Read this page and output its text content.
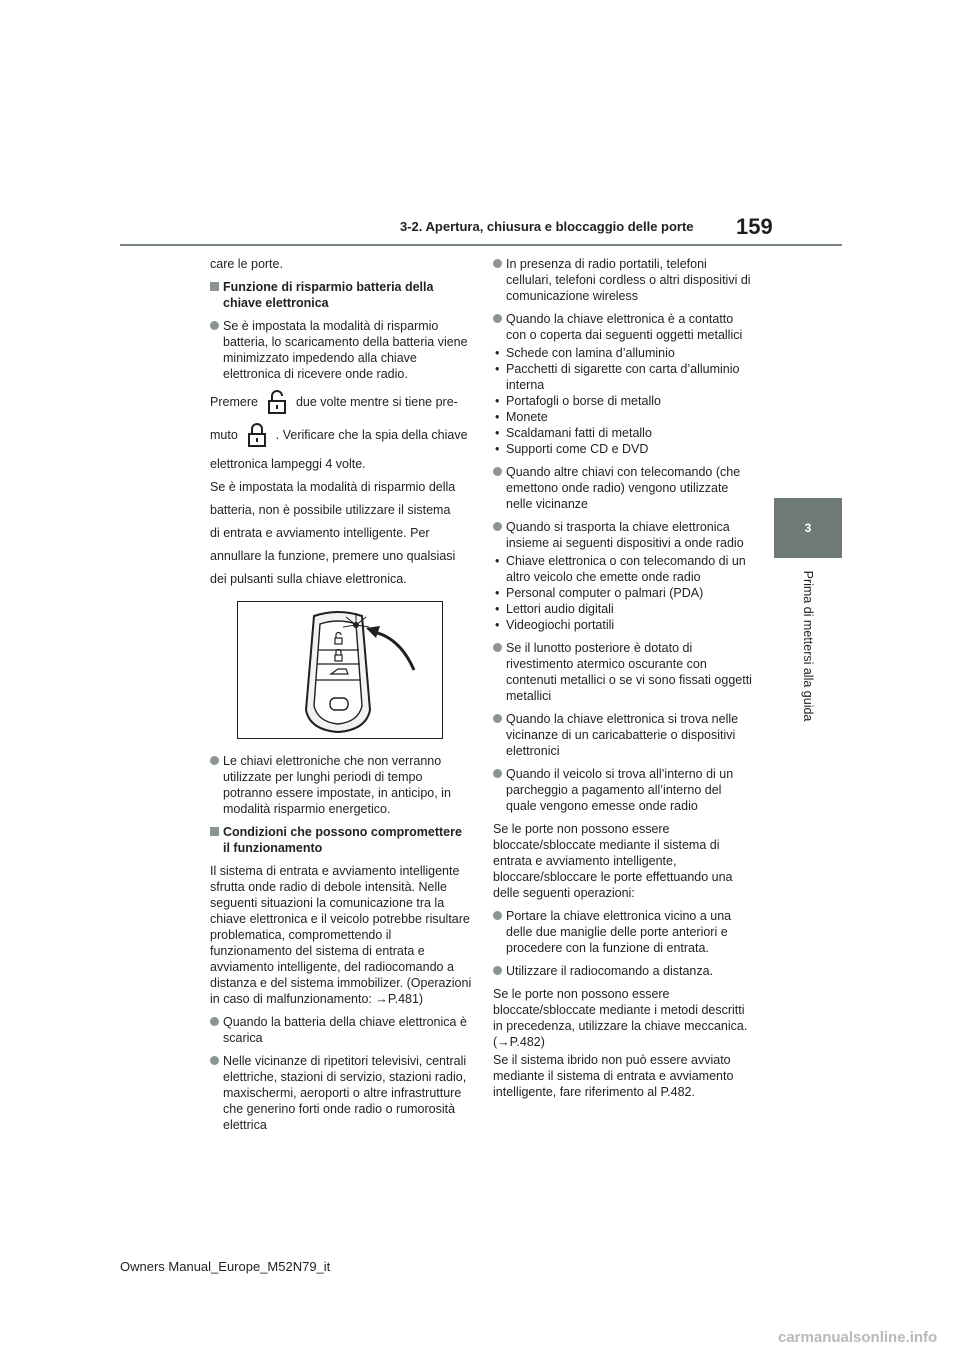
3-2. Apertura, chiusura e bloccaggio delle porte 159
3
Prima di mettersi alla guida

care le porte.

Funzione di risparmio batteria della chiave elettronica
Se è impostata la modalità di risparmio batteria, lo scaricamento della batteria viene minimizzato impedendo alla chiave elettronica di ricevere onde radio.
Premere	due volte mentre si tiene pre-
muto	. Verificare che la spia della chiave

elettronica lampeggi 4 volte.

Se è impostata la modalità di risparmio della

batteria, non è possibile utilizzare il sistema

di entrata e avviamento intelligente. Per

annullare la funzione, premere uno qualsiasi

dei pulsanti sulla chiave elettronica.

Le chiavi elettroniche che non verranno utilizzate per lunghi periodi di tempo potranno essere impostate, in anticipo, in modalità risparmio energetico.
Condizioni che possono compromettere il funzionamento

Il sistema di entrata e avviamento intelligente sfrutta onde radio di debole intensità. Nelle seguenti situazioni la comunicazione tra la chiave elettronica e il veicolo potrebbe risultare problematica, compromettendo il funzionamento del sistema di entrata e avviamento intelligente, del radiocomando a distanza e del sistema immobilizer. (Operazioni in caso di malfunzionamento: →P.481)

Quando la batteria della chiave elettronica è scarica
Nelle vicinanze di ripetitori televisivi, centrali elettriche, stazioni di servizio, stazioni radio, maxischermi, aeroporti o altre infrastrutture che generino forti onde radio o rumorosità elettrica
In presenza di radio portatili, telefoni cellulari, telefoni cordless o altri dispositivi di comunicazione wireless
Quando la chiave elettronica è a contatto con o coperta dai seguenti oggetti metallici
• Schede con lamina d’alluminio
• Pacchetti di sigarette con carta d’alluminio interna
• Portafogli o borse di metallo
• Monete
• Scaldamani fatti di metallo
• Supporti come CD e DVD
Quando altre chiavi con telecomando (che emettono onde radio) vengono utilizzate nelle vicinanze
Quando si trasporta la chiave elettronica insieme ai seguenti dispositivi a onde radio
• Chiave elettronica o con telecomando di un altro veicolo che emette onde radio
• Personal computer o palmari (PDA)
• Lettori audio digitali
• Videogiochi portatili
Se il lunotto posteriore è dotato di rivestimento atermico oscurante con contenuti metallici o se vi sono fissati oggetti metallici
Quando la chiave elettronica si trova nelle vicinanze di un caricabatterie o dispositivi elettronici
Quando il veicolo si trova all’interno di un parcheggio a pagamento all’interno del quale vengono emesse onde radio

Se le porte non possono essere bloccate/sbloccate mediante il sistema di entrata e avviamento intelligente, bloccare/sbloccare le porte effettuando una delle seguenti operazioni:

Portare la chiave elettronica vicino a una delle due maniglie delle porte anteriori e procedere con la funzione di entrata.
Utilizzare il radiocomando a distanza.

Se le porte non possono essere bloccate/sbloccate mediante i metodi descritti in precedenza, utilizzare la chiave meccanica. (→P.482)

Se il sistema ibrido non può essere avviato mediante il sistema di entrata e avviamento intelligente, fare riferimento al P.482.

Owners Manual_Europe_M52N79_it
carmanualsonline.info
